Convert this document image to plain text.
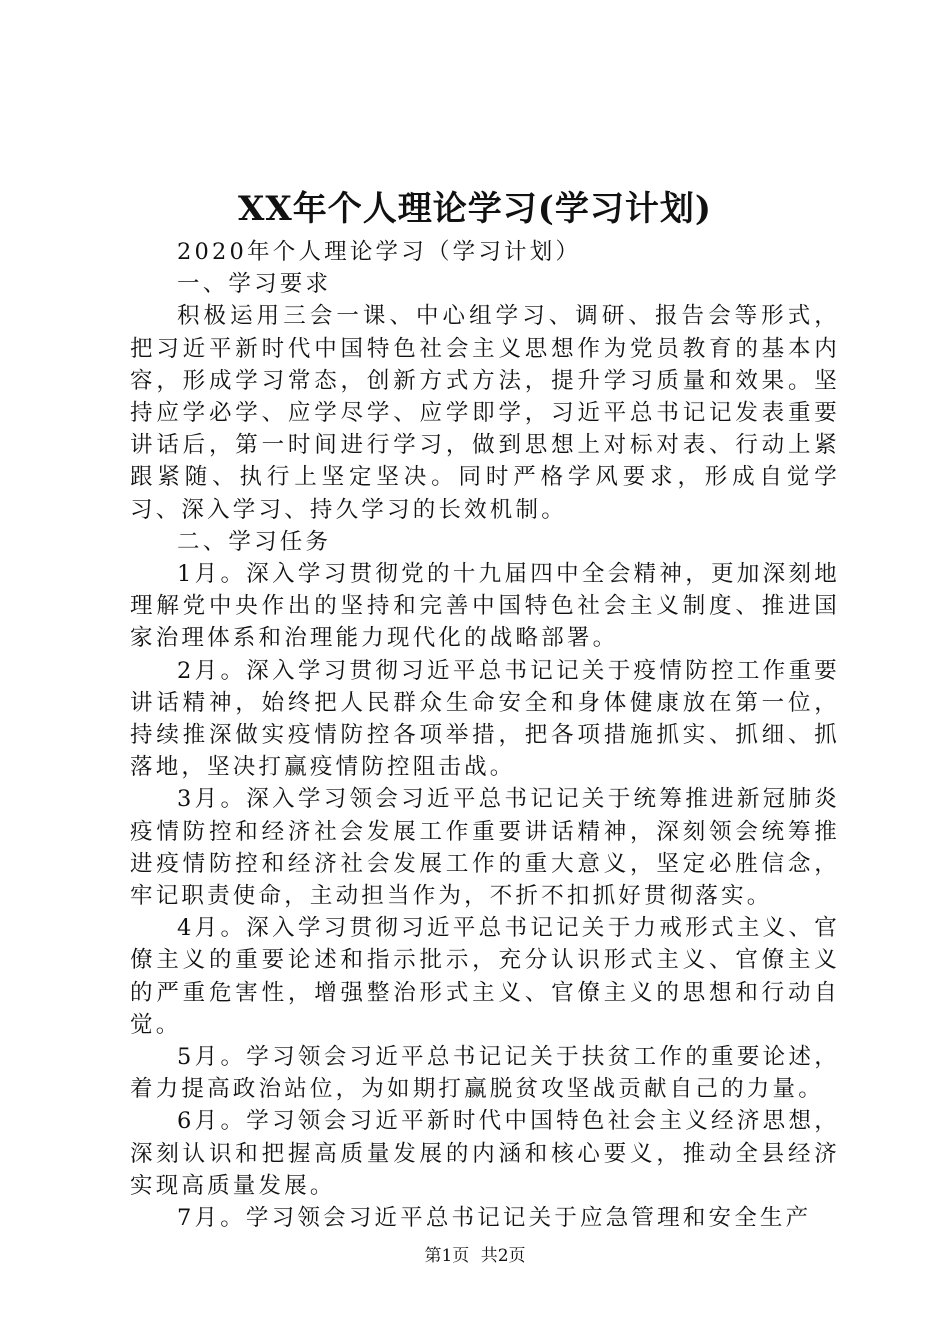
XX年个人理论学习(学习计划)

2020年个人理论学习（学习计划）

一、学习要求

积极运用三会一课、中心组学习、调研、报告会等形式，把习近平新时代中国特色社会主义思想作为党员教育的基本内容，形成学习常态，创新方式方法，提升学习质量和效果。坚持应学必学、应学尽学、应学即学，习近平总书记记发表重要讲话后，第一时间进行学习，做到思想上对标对表、行动上紧跟紧随、执行上坚定坚决。同时严格学风要求，形成自觉学习、深入学习、持久学习的长效机制。

二、学习任务

1月。深入学习贯彻党的十九届四中全会精神，更加深刻地理解党中央作出的坚持和完善中国特色社会主义制度、推进国家治理体系和治理能力现代化的战略部署。

2月。深入学习贯彻习近平总书记记关于疫情防控工作重要讲话精神，始终把人民群众生命安全和身体健康放在第一位，持续推深做实疫情防控各项举措，把各项措施抓实、抓细、抓落地，坚决打赢疫情防控阻击战。

3月。深入学习领会习近平总书记记关于统筹推进新冠肺炎疫情防控和经济社会发展工作重要讲话精神，深刻领会统筹推进疫情防控和经济社会发展工作的重大意义，坚定必胜信念，牢记职责使命，主动担当作为，不折不扣抓好贯彻落实。

4月。深入学习贯彻习近平总书记记关于力戒形式主义、官僚主义的重要论述和指示批示，充分认识形式主义、官僚主义的严重危害性，增强整治形式主义、官僚主义的思想和行动自觉。

5月。学习领会习近平总书记记关于扶贫工作的重要论述，着力提高政治站位，为如期打赢脱贫攻坚战贡献自己的力量。

6月。学习领会习近平新时代中国特色社会主义经济思想，深刻认识和把握高质量发展的内涵和核心要义，推动全县经济实现高质量发展。

7月。学习领会习近平总书记记关于应急管理和安全生产

第1页 共2页
